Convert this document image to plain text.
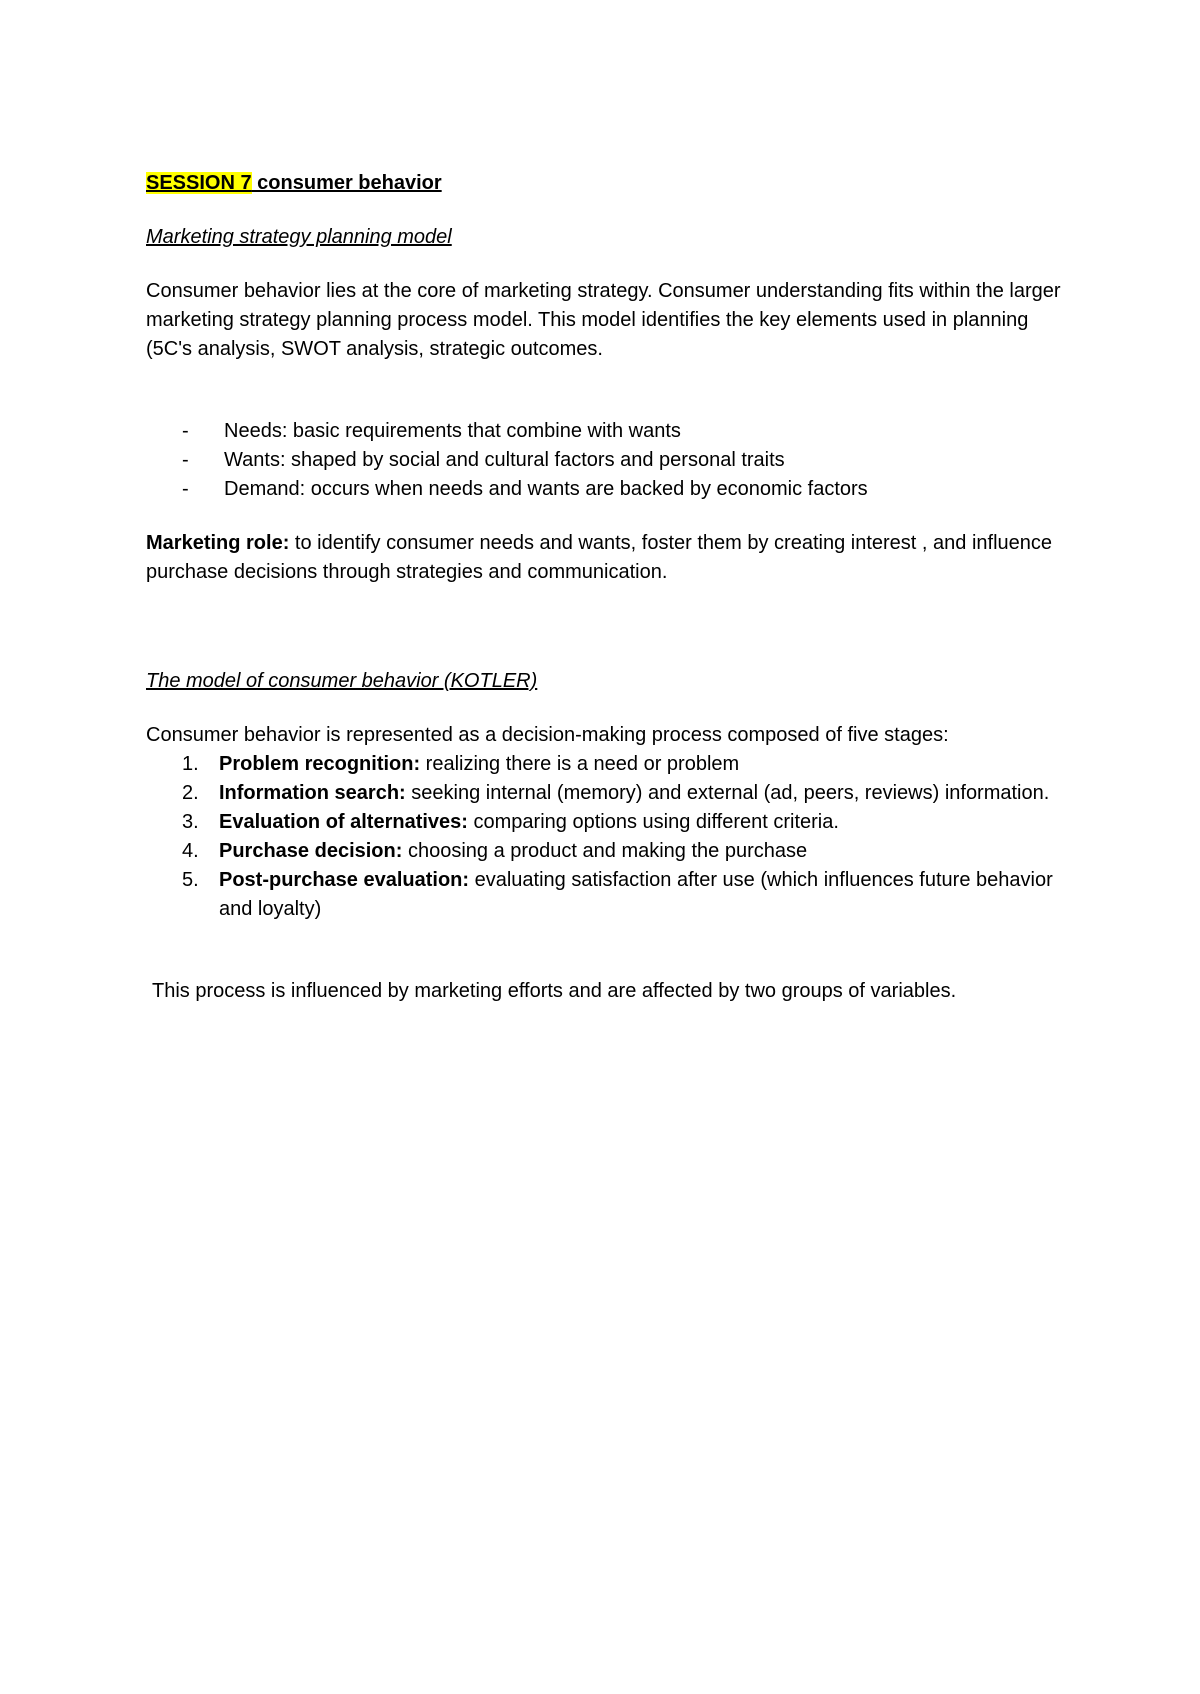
SESSION 7 consumer behavior

Marketing strategy planning model

Consumer behavior lies at the core of marketing strategy. Consumer understanding fits within the larger marketing strategy planning process model. This model identifies the key elements used in planning (5C's analysis, SWOT analysis, strategic outcomes.

- Needs: basic requirements that combine with wants
- Wants: shaped by social and cultural factors and personal traits
- Demand: occurs when needs and wants are backed by economic factors

Marketing role: to identify consumer needs and wants, foster them by creating interest , and influence purchase decisions through strategies and communication.

The model of consumer behavior (KOTLER)

Consumer behavior is represented as a decision-making process composed of five stages:

1. Problem recognition: realizing there is a need or problem
2. Information search: seeking internal (memory) and external (ad, peers, reviews) information.
3. Evaluation of alternatives: comparing options using different criteria.
4. Purchase decision: choosing a product and making the purchase
5. Post-purchase evaluation: evaluating satisfaction after use (which influences future behavior and loyalty)

This process is influenced by marketing efforts and are affected by two groups of variables.
